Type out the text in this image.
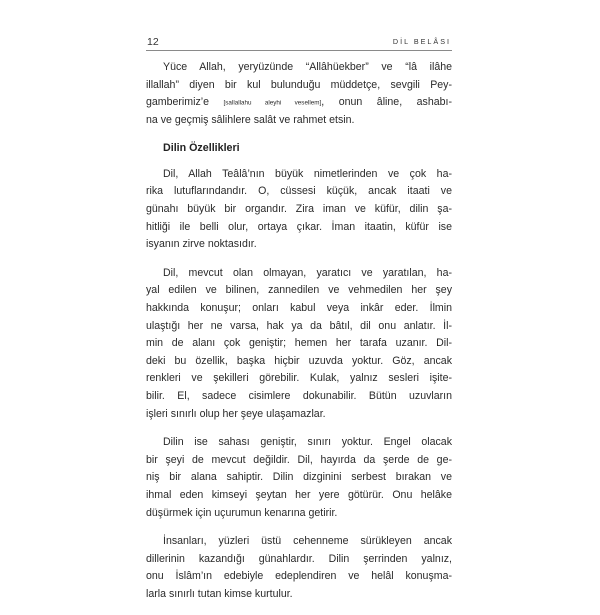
12	DİL BELÂSI

Yüce Allah, yeryüzünde “Allâhüekber” ve “lâ ilâhe
illallah” diyen bir kul bulunduğu müddetçe, sevgili Pey-
gamberimiz’e [sallallahu aleyhi vesellem], onun âline, ashabı-
na ve geçmiş sâlihlere salât ve rahmet etsin.

Dilin Özellikleri

Dil, Allah Teâlâ’nın büyük nimetlerinden ve çok ha-
rika lutuflarındandır. O, cüssesi küçük, ancak itaati ve
günahı büyük bir organdır. Zira iman ve küfür, dilin şa-
hitliği ile belli olur, ortaya çıkar. İman itaatin, küfür ise
isyanın zirve noktasıdır.

Dil, mevcut olan olmayan, yaratıcı ve yaratılan, ha-
yal edilen ve bilinen, zannedilen ve vehmedilen her şey
hakkında konuşur; onları kabul veya inkâr eder. İlmin
ulaştığı her ne varsa, hak ya da bâtıl, dil onu anlatır. İl-
min de alanı çok geniştir; hemen her tarafa uzanır. Dil-
deki bu özellik, başka hiçbir uzuvda yoktur. Göz, ancak
renkleri ve şekilleri görebilir. Kulak, yalnız sesleri işite-
bilir. El, sadece cisimlere dokunabilir. Bütün uzuvların
işleri sınırlı olup her şeye ulaşamazlar.

Dilin ise sahası geniştir, sınırı yoktur. Engel olacak
bir şeyi de mevcut değildir. Dil, hayırda da şerde de ge-
niş bir alana sahiptir. Dilin dizginini serbest bırakan ve
ihmal eden kimseyi şeytan her yere götürür. Onu helâke
düşürmek için uçurumun kenarına getirir.

İnsanları, yüzleri üstü cehenneme sürükleyen ancak
dillerinin kazandığı günahlardır. Dilin şerrinden yalnız,
onu İslâm’ın edebiyle edeplendiren ve helâl konuşma-
larla sınırlı tutan kimse kurtulur.
